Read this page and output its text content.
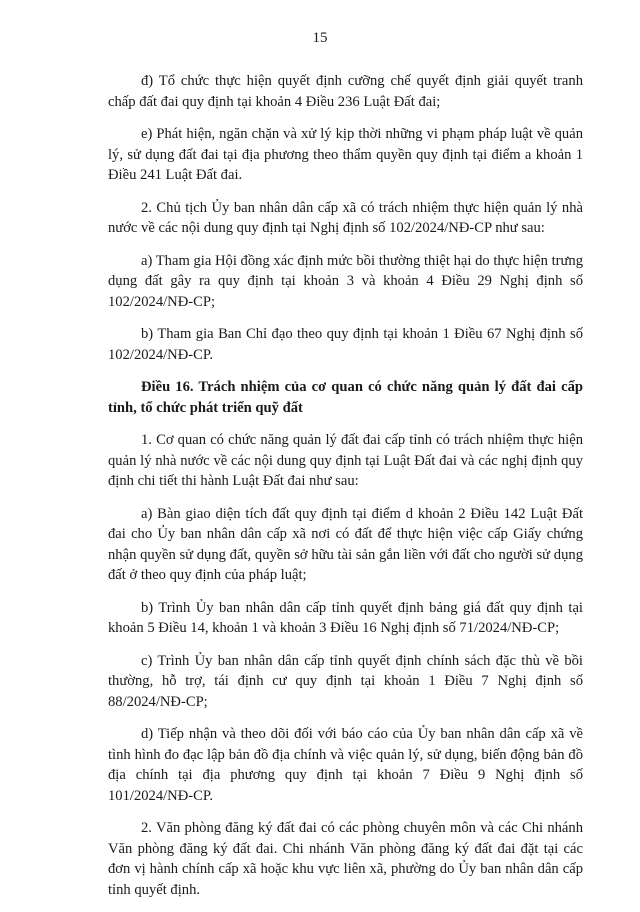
15

đ) Tổ chức thực hiện quyết định cưỡng chế quyết định giải quyết tranh chấp đất đai quy định tại khoản 4 Điều 236 Luật Đất đai;

e) Phát hiện, ngăn chặn và xử lý kịp thời những vi phạm pháp luật về quản lý, sử dụng đất đai tại địa phương theo thẩm quyền quy định tại điểm a khoản 1 Điều 241 Luật Đất đai.

2. Chủ tịch Ủy ban nhân dân cấp xã có trách nhiệm thực hiện quản lý nhà nước về các nội dung quy định tại Nghị định số 102/2024/NĐ-CP như sau:

a) Tham gia Hội đồng xác định mức bồi thường thiệt hại do thực hiện trưng dụng đất gây ra quy định tại khoản 3 và khoản 4 Điều 29 Nghị định số 102/2024/NĐ-CP;

b) Tham gia Ban Chỉ đạo theo quy định tại khoản 1 Điều 67 Nghị định số 102/2024/NĐ-CP.

Điều 16. Trách nhiệm của cơ quan có chức năng quản lý đất đai cấp tỉnh, tổ chức phát triển quỹ đất

1. Cơ quan có chức năng quản lý đất đai cấp tỉnh có trách nhiệm thực hiện quản lý nhà nước về các nội dung quy định tại Luật Đất đai và các nghị định quy định chi tiết thi hành Luật Đất đai như sau:

a) Bàn giao diện tích đất quy định tại điểm d khoản 2 Điều 142 Luật Đất đai cho Ủy ban nhân dân cấp xã nơi có đất để thực hiện việc cấp Giấy chứng nhận quyền sử dụng đất, quyền sở hữu tài sản gắn liền với đất cho người sử dụng đất ở theo quy định của pháp luật;

b) Trình Ủy ban nhân dân cấp tỉnh quyết định bảng giá đất quy định tại khoản 5 Điều 14, khoản 1 và khoản 3 Điều 16 Nghị định số 71/2024/NĐ-CP;

c) Trình Ủy ban nhân dân cấp tỉnh quyết định chính sách đặc thù về bồi thường, hỗ trợ, tái định cư quy định tại khoản 1 Điều 7 Nghị định số 88/2024/NĐ-CP;

d) Tiếp nhận và theo dõi đối với báo cáo của Ủy ban nhân dân cấp xã về tình hình đo đạc lập bản đồ địa chính và việc quản lý, sử dụng, biến động bản đồ địa chính tại địa phương quy định tại khoản 7 Điều 9 Nghị định số 101/2024/NĐ-CP.

2. Văn phòng đăng ký đất đai có các phòng chuyên môn và các Chi nhánh Văn phòng đăng ký đất đai. Chi nhánh Văn phòng đăng ký đất đai đặt tại các đơn vị hành chính cấp xã hoặc khu vực liên xã, phường do Ủy ban nhân dân cấp tỉnh quyết định.
